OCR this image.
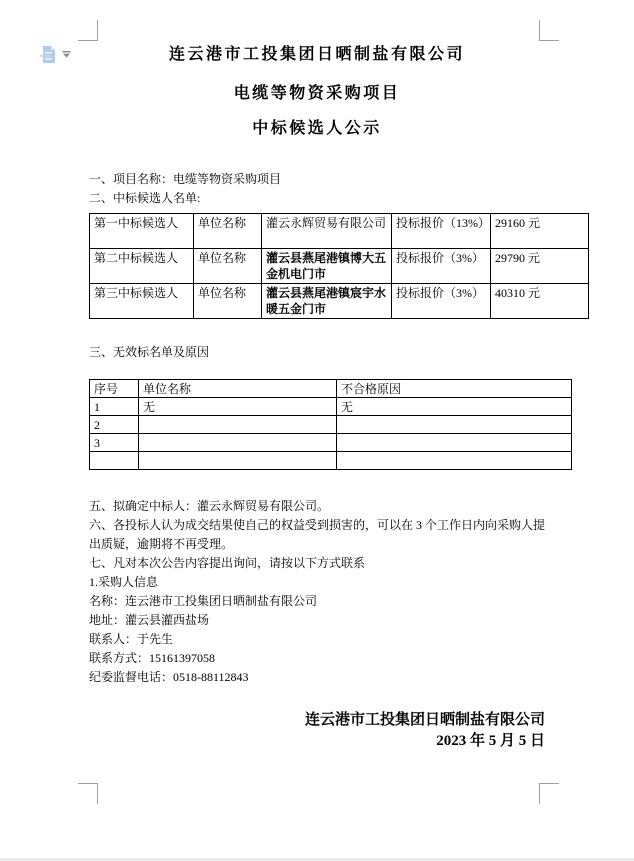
连云港市工投集团日晒制盐有限公司
电缆等物资采购项目
中标候选人公示

一、项目名称：电缆等物资采购项目

二、中标候选人名单:

第一中标候选人	单位名称	灌云永辉贸易有限公司	投标报价（13%）	29160 元
第二中标候选人	单位名称	灌云县燕尾港镇博大五金机电门市	投标报价（3%）	29790 元
第三中标候选人	单位名称	灌云县燕尾港镇宸宇水暖五金门市	投标报价（3%）	40310 元

三、无效标名单及原因

序号	单位名称	不合格原因
1	无	无
2		
3		

五、拟确定中标人：灌云永辉贸易有限公司。

六、各投标人认为成交结果使自己的权益受到损害的，可以在 3 个工作日内向采购人提出质疑，逾期将不再受理。

七、凡对本次公告内容提出询问，请按以下方式联系

1.采购人信息

名称：连云港市工投集团日晒制盐有限公司

地址：灌云县灌西盐场

联系人：于先生

联系方式：15161397058

纪委监督电话：0518-88112843

连云港市工投集团日晒制盐有限公司
2023 年 5 月 5 日
